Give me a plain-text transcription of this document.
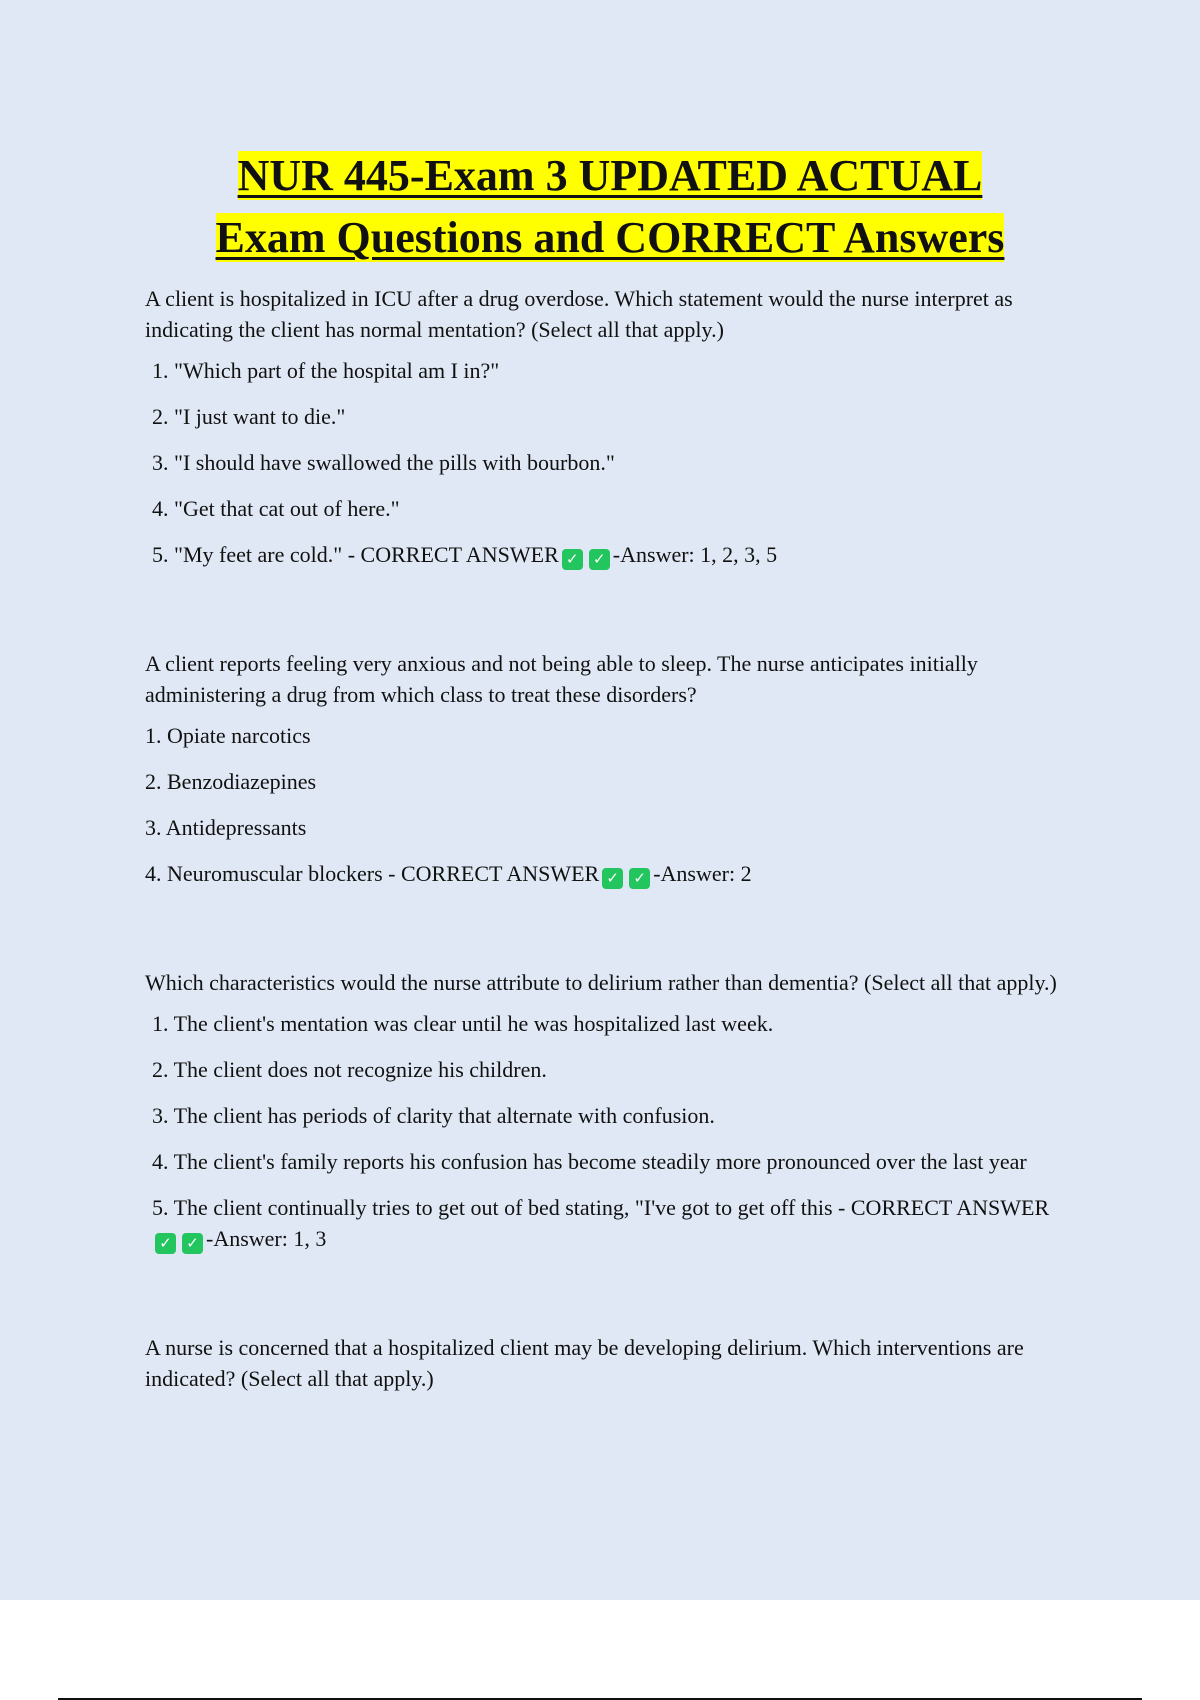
NUR 445-Exam 3 UPDATED ACTUAL
Exam Questions and CORRECT Answers

A client is hospitalized in ICU after a drug overdose. Which statement would the nurse interpret as indicating the client has normal mentation? (Select all that apply.)

1. "Which part of the hospital am I in?"

2. "I just want to die."

3. "I should have swallowed the pills with bourbon."

4. "Get that cat out of here."

5. "My feet are cold." - CORRECT ANSWER ✓ ✓ -Answer: 1, 2, 3, 5

A client reports feeling very anxious and not being able to sleep. The nurse anticipates initially administering a drug from which class to treat these disorders?

1. Opiate narcotics

2. Benzodiazepines

3. Antidepressants

4. Neuromuscular blockers - CORRECT ANSWER ✓ ✓ -Answer: 2

Which characteristics would the nurse attribute to delirium rather than dementia? (Select all that apply.)

1. The client's mentation was clear until he was hospitalized last week.

2. The client does not recognize his children.

3. The client has periods of clarity that alternate with confusion.

4. The client's family reports his confusion has become steadily more pronounced over the last year

5. The client continually tries to get out of bed stating, "I've got to get off this - CORRECT ANSWER✓ ✓ -Answer: 1, 3

A nurse is concerned that a hospitalized client may be developing delirium. Which interventions are indicated? (Select all that apply.)
